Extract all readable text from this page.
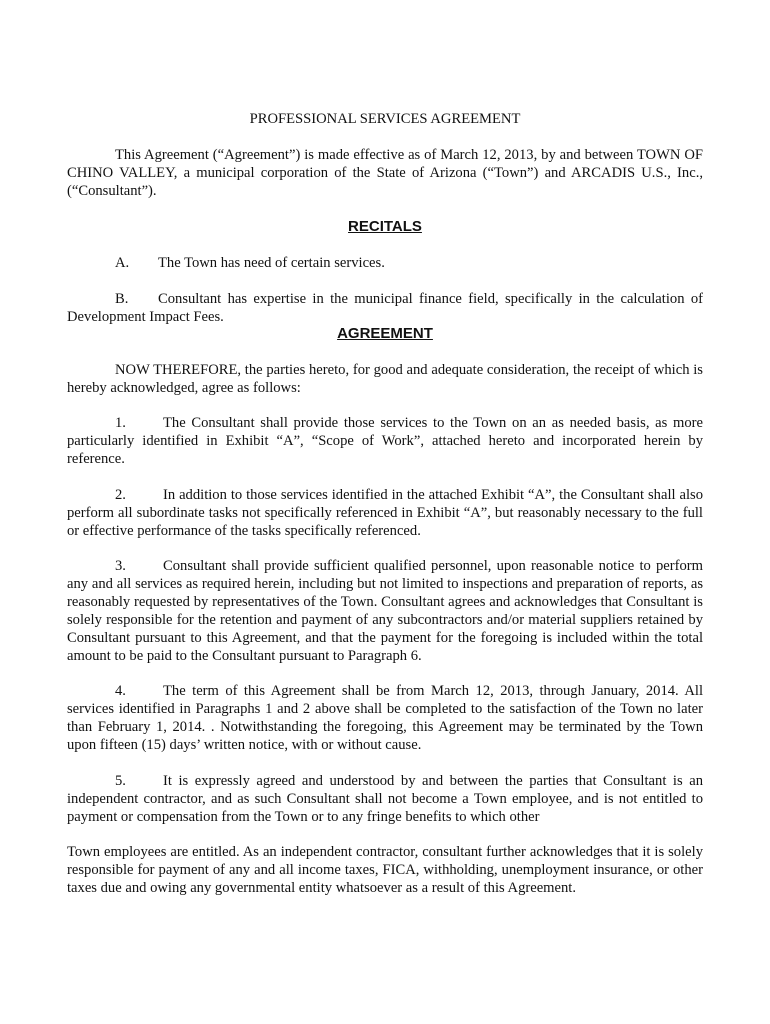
PROFESSIONAL SERVICES AGREEMENT

This Agreement (“Agreement”) is made effective as of March 12, 2013, by and between TOWN OF CHINO VALLEY, a municipal corporation of the State of Arizona (“Town”) and ARCADIS U.S., Inc., (“Consultant”).

RECITALS

A. The Town has need of certain services.

B. Consultant has expertise in the municipal finance field, specifically in the calculation of Development Impact Fees.

AGREEMENT

NOW THEREFORE, the parties hereto, for good and adequate consideration, the receipt of which is hereby acknowledged, agree as follows:

1.	The Consultant shall provide those services to the Town on an as needed basis, as more particularly identified in Exhibit “A”, “Scope of Work”, attached hereto and incorporated herein by reference.

2.	In addition to those services identified in the attached Exhibit “A”, the Consultant shall also perform all subordinate tasks not specifically referenced in Exhibit “A”, but reasonably necessary to the full or effective performance of the tasks specifically referenced.

3.	Consultant shall provide sufficient qualified personnel, upon reasonable notice to perform any and all services as required herein, including but not limited to inspections and preparation of reports, as reasonably requested by representatives of the Town. Consultant agrees and acknowledges that Consultant is solely responsible for the retention and payment of any subcontractors and/or material suppliers retained by Consultant pursuant to this Agreement, and that the payment for the foregoing is included within the total amount to be paid to the Consultant pursuant to Paragraph 6.

4.	The term of this Agreement shall be from March 12, 2013, through January, 2014. All services identified in Paragraphs 1 and 2 above shall be completed to the satisfaction of the Town no later than February 1, 2014. . Notwithstanding the foregoing, this Agreement may be terminated by the Town upon fifteen (15) days’ written notice, with or without cause.

5.	It is expressly agreed and understood by and between the parties that Consultant is an independent contractor, and as such Consultant shall not become a Town employee, and is not entitled to payment or compensation from the Town or to any fringe benefits to which other

Town employees are entitled. As an independent contractor, consultant further acknowledges that it is solely responsible for payment of any and all income taxes, FICA, withholding, unemployment insurance, or other taxes due and owing any governmental entity whatsoever as a result of this Agreement.
